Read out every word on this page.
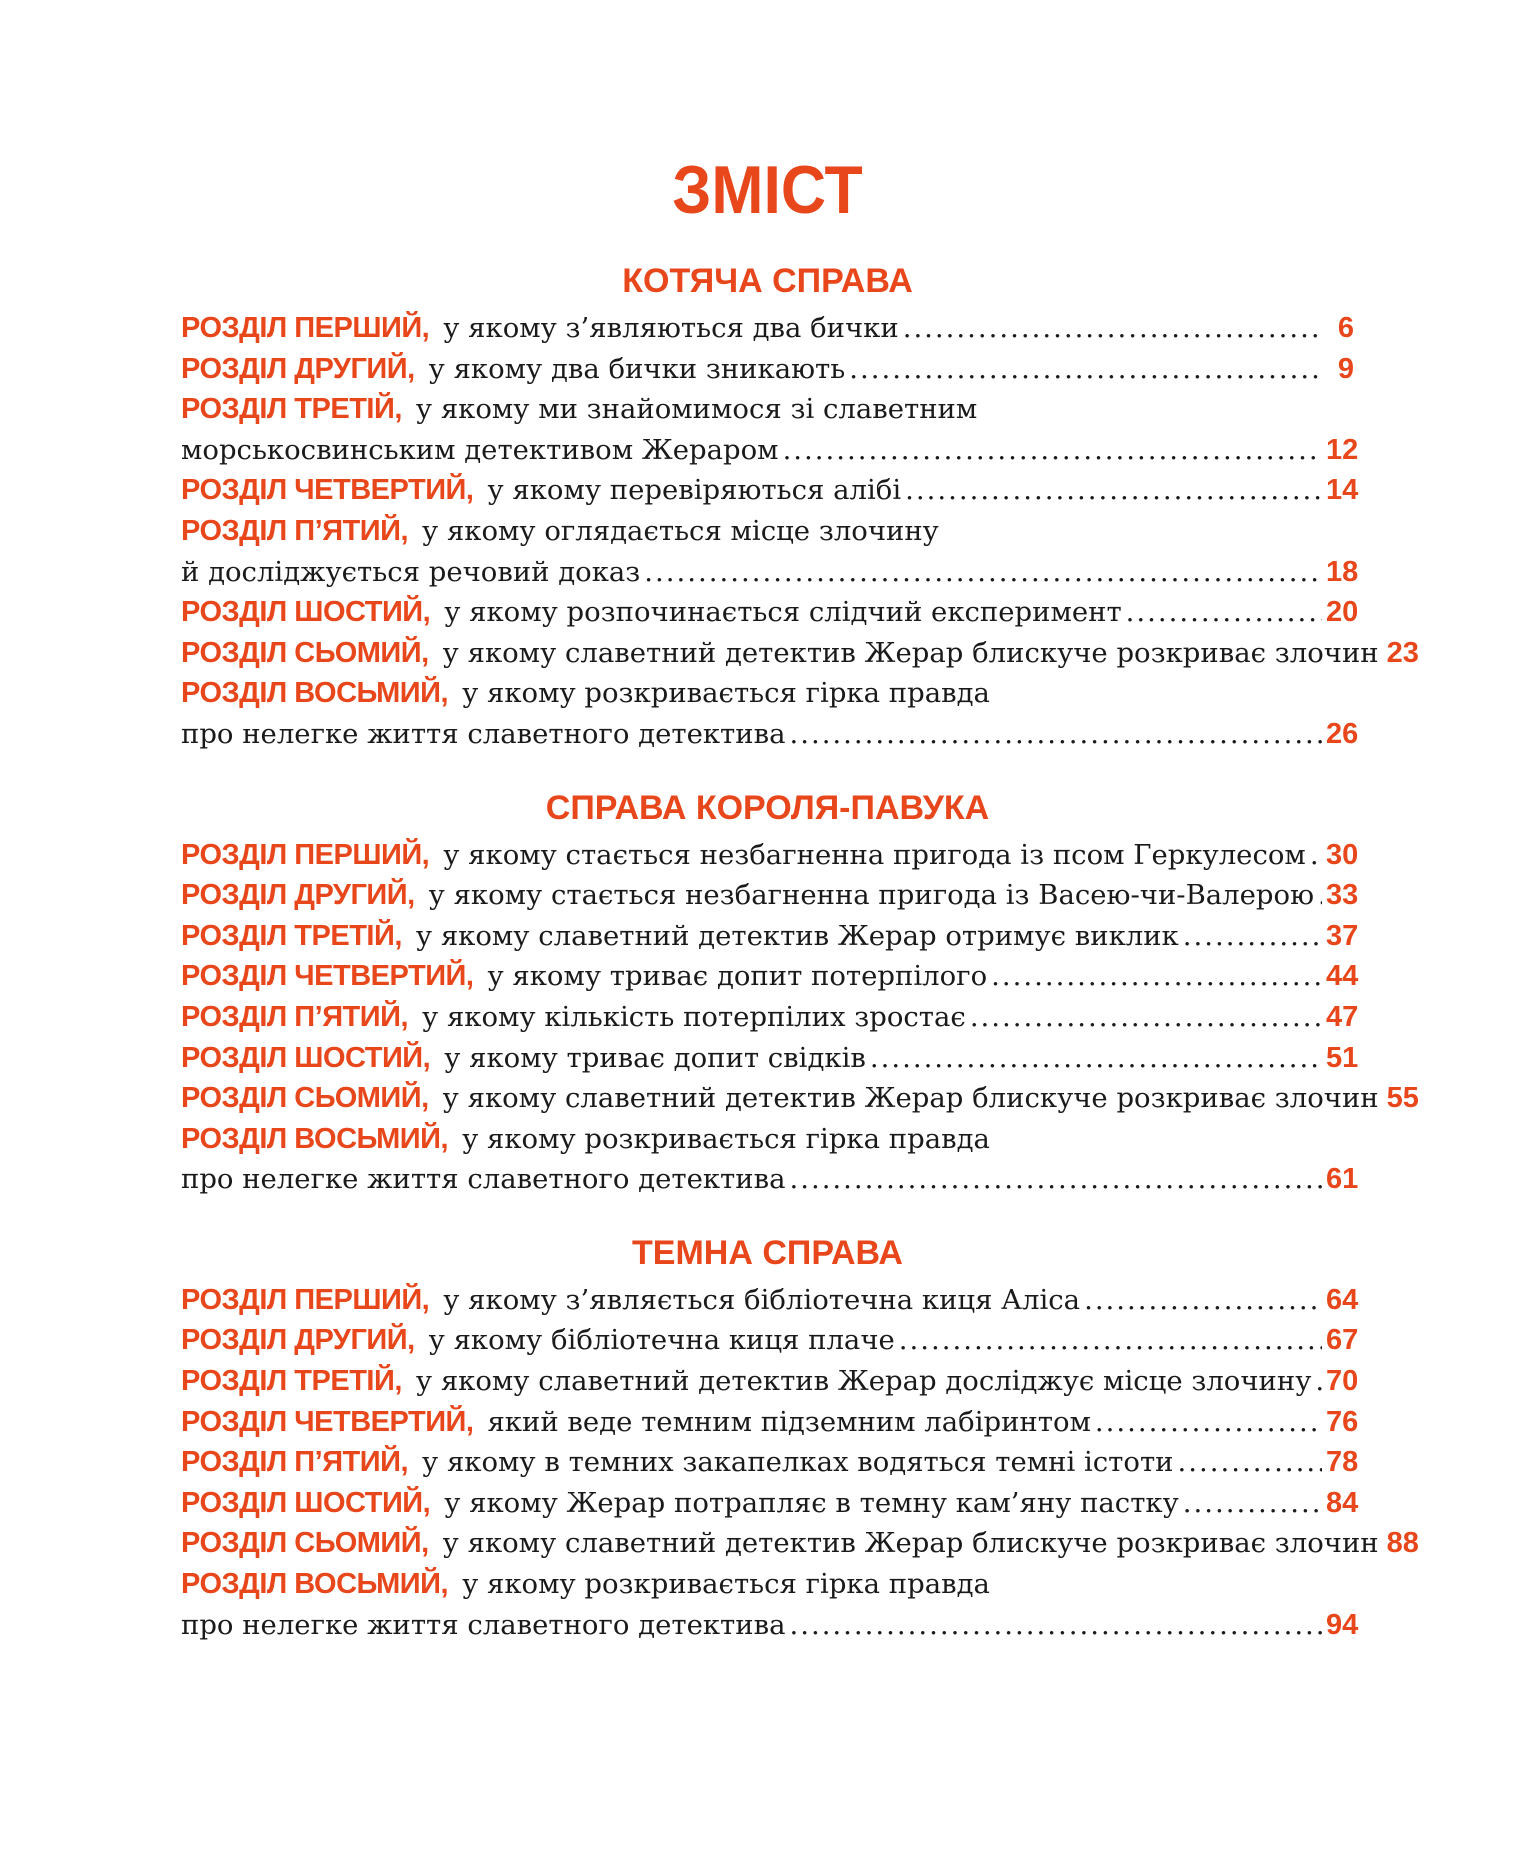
ЗМІСТ
КОТЯЧА СПРАВА
РОЗДІЛ ПЕРШИЙ, у якому з’являються два бички .....	6
РОЗДІЛ ДРУГИЙ, у якому два бички зникають .....	9
РОЗДІЛ ТРЕТІЙ, у якому ми знайомимося зі славетним
морськосвинським детективом Жераром .....	12
РОЗДІЛ ЧЕТВЕРТИЙ, у якому перевіряються алібі .....	14
РОЗДІЛ П’ЯТИЙ, у якому оглядається місце злочину
й досліджується речовий доказ .....	18
РОЗДІЛ ШОСТИЙ, у якому розпочинається слідчий експеримент .....	20
РОЗДІЛ СЬОМИЙ, у якому славетний детектив Жерар блискуче розкриває злочин 23
РОЗДІЛ ВОСЬМИЙ, у якому розкривається гірка правда
про нелегке життя славетного детектива .....	26
СПРАВА КОРОЛЯ-ПАВУКА
РОЗДІЛ ПЕРШИЙ, у якому стається незбагненна пригода із псом Геркулесом ..... 30
РОЗДІЛ ДРУГИЙ, у якому стається незбагненна пригода із Васею-чи-Валерою ..... 33
РОЗДІЛ ТРЕТІЙ, у якому славетний детектив Жерар отримує виклик .....	37
РОЗДІЛ ЧЕТВЕРТИЙ, у якому триває допит потерпілого .....	44
РОЗДІЛ П’ЯТИЙ, у якому кількість потерпілих зростає .....	47
РОЗДІЛ ШОСТИЙ, у якому триває допит свідків .....	51
РОЗДІЛ СЬОМИЙ, у якому славетний детектив Жерар блискуче розкриває злочин 55
РОЗДІЛ ВОСЬМИЙ, у якому розкривається гірка правда
про нелегке життя славетного детектива .....	61
ТЕМНА СПРАВА
РОЗДІЛ ПЕРШИЙ, у якому з’являється бібліотечна киця Аліса .....	64
РОЗДІЛ ДРУГИЙ, у якому бібліотечна киця плаче .....	67
РОЗДІЛ ТРЕТІЙ, у якому славетний детектив Жерар досліджує місце злочину ..... 70
РОЗДІЛ ЧЕТВЕРТИЙ, який веде темним підземним лабіринтом .....	76
РОЗДІЛ П’ЯТИЙ, у якому в темних закапелках водяться темні істоти .....	78
РОЗДІЛ ШОСТИЙ, у якому Жерар потрапляє в темну кам’яну пастку .....	84
РОЗДІЛ СЬОМИЙ, у якому славетний детектив Жерар блискуче розкриває злочин 88
РОЗДІЛ ВОСЬМИЙ, у якому розкривається гірка правда
про нелегке життя славетного детектива .....	94
